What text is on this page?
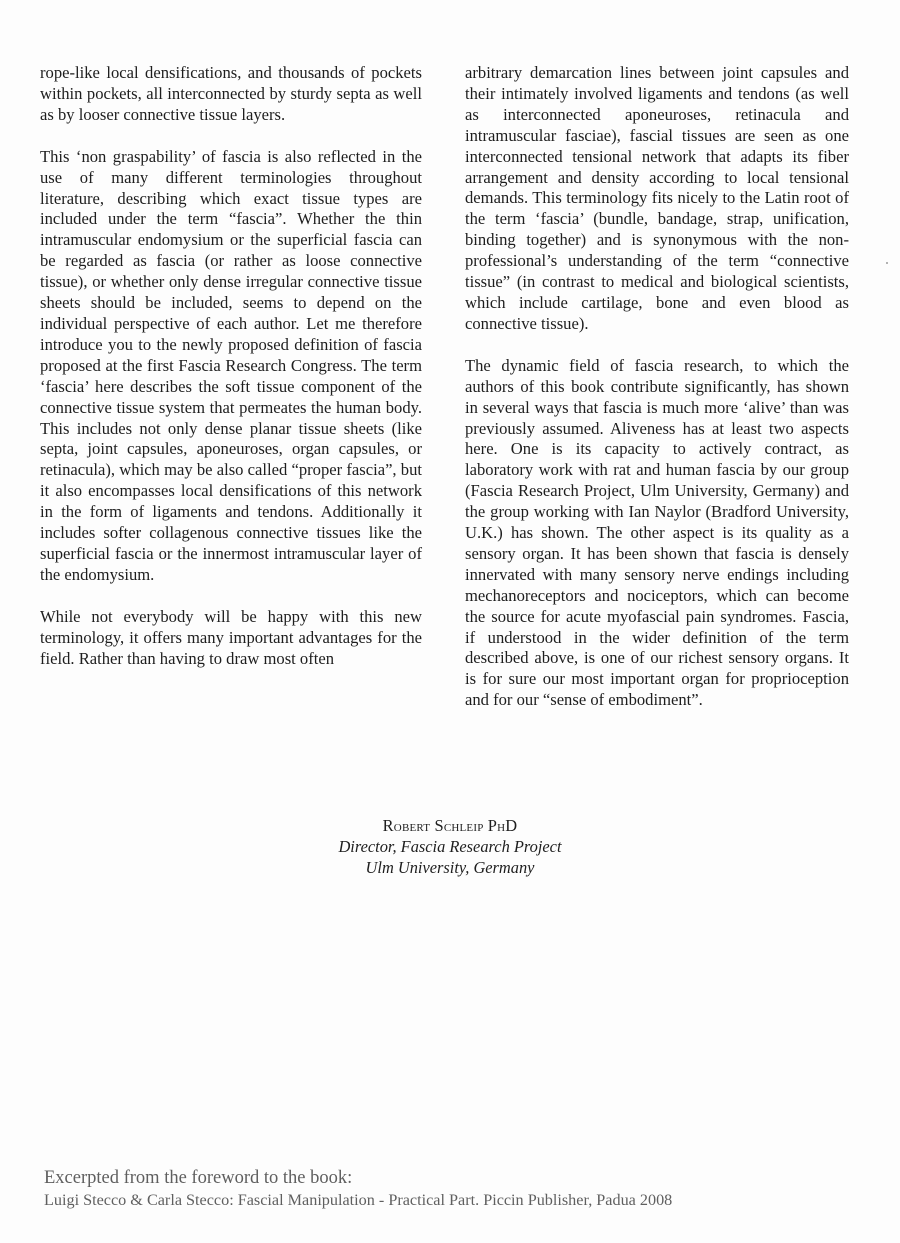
rope-like local densifications, and thousands of pockets within pockets, all interconnected by sturdy septa as well as by looser connective tissue layers.

This ‘non graspability’ of fascia is also reflected in the use of many different terminologies throughout literature, describing which exact tissue types are included under the term “fascia”. Whether the thin intramuscular endomysium or the superficial fascia can be regarded as fascia (or rather as loose connective tissue), or whether only dense irregular connective tissue sheets should be included, seems to depend on the individual perspective of each author. Let me therefore introduce you to the newly proposed definition of fascia proposed at the first Fascia Research Congress. The term ‘fascia’ here describes the soft tissue component of the connective tissue system that permeates the human body. This includes not only dense planar tissue sheets (like septa, joint capsules, aponeuroses, organ capsules, or retinacula), which may be also called “proper fascia”, but it also encompasses local densifications of this network in the form of ligaments and tendons. Additionally it includes softer collagenous connective tissues like the superficial fascia or the innermost intramuscular layer of the endomysium.

While not everybody will be happy with this new terminology, it offers many important advantages for the field. Rather than having to draw most often

arbitrary demarcation lines between joint capsules and their intimately involved ligaments and tendons (as well as interconnected aponeuroses, retinacula and intramuscular fasciae), fascial tissues are seen as one interconnected tensional network that adapts its fiber arrangement and density according to local tensional demands. This terminology fits nicely to the Latin root of the term ‘fascia’ (bundle, bandage, strap, unification, binding together) and is synonymous with the non-professional’s understanding of the term “connective tissue” (in contrast to medical and biological scientists, which include cartilage, bone and even blood as connective tissue).

The dynamic field of fascia research, to which the authors of this book contribute significantly, has shown in several ways that fascia is much more ‘alive’ than was previously assumed. Aliveness has at least two aspects here. One is its capacity to actively contract, as laboratory work with rat and human fascia by our group (Fascia Research Project, Ulm University, Germany) and the group working with Ian Naylor (Bradford University, U.K.) has shown. The other aspect is its quality as a sensory organ. It has been shown that fascia is densely innervated with many sensory nerve endings including mechanoreceptors and nociceptors, which can become the source for acute myofascial pain syndromes. Fascia, if understood in the wider definition of the term described above, is one of our richest sensory organs. It is for sure our most important organ for proprioception and for our “sense of embodiment”.

Robert Schleip PhD
Director, Fascia Research Project
Ulm University, Germany
Excerpted from the foreword to the book:
Luigi Stecco & Carla Stecco: Fascial Manipulation - Practical Part. Piccin Publisher, Padua 2008
